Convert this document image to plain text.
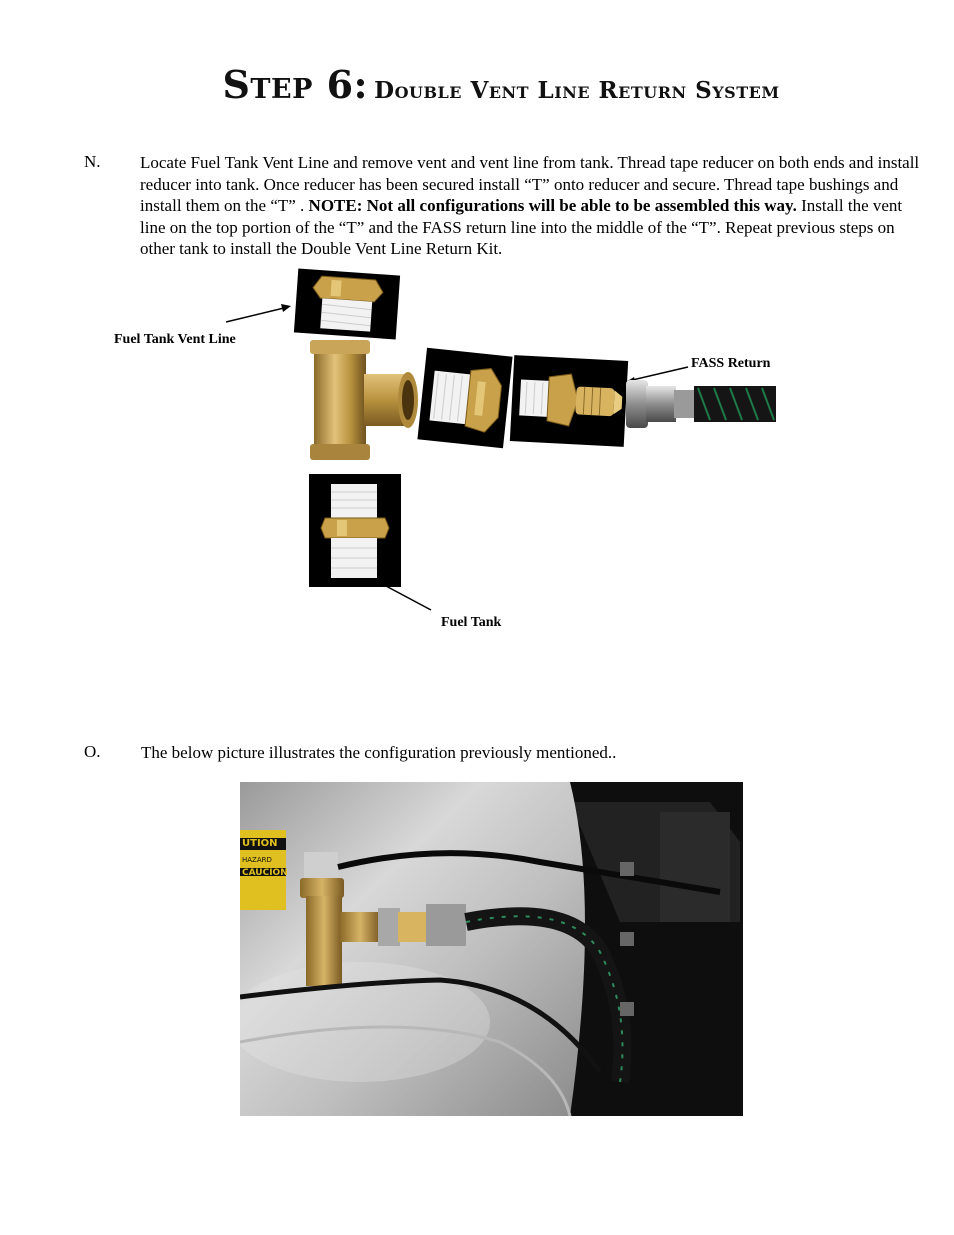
Step 6: Double Vent Line Return System
N. Locate Fuel Tank Vent Line and remove vent and vent line from tank. Thread tape reducer on both ends and install reducer into tank. Once reducer has been secured install “T” onto reducer and secure. Thread tape bushings and install them on the “T” . NOTE: Not all configurations will be able to be assembled this way. Install the vent line on the top portion of the “T” and the FASS return line into the middle of the “T”. Repeat previous steps on other tank to install the Double Vent Line Return Kit.
Fuel Tank Vent Line
FASS Return
Fuel Tank
O. The below picture illustrates the configuration previously mentioned..
UTION
HAZARD
CAUCION
